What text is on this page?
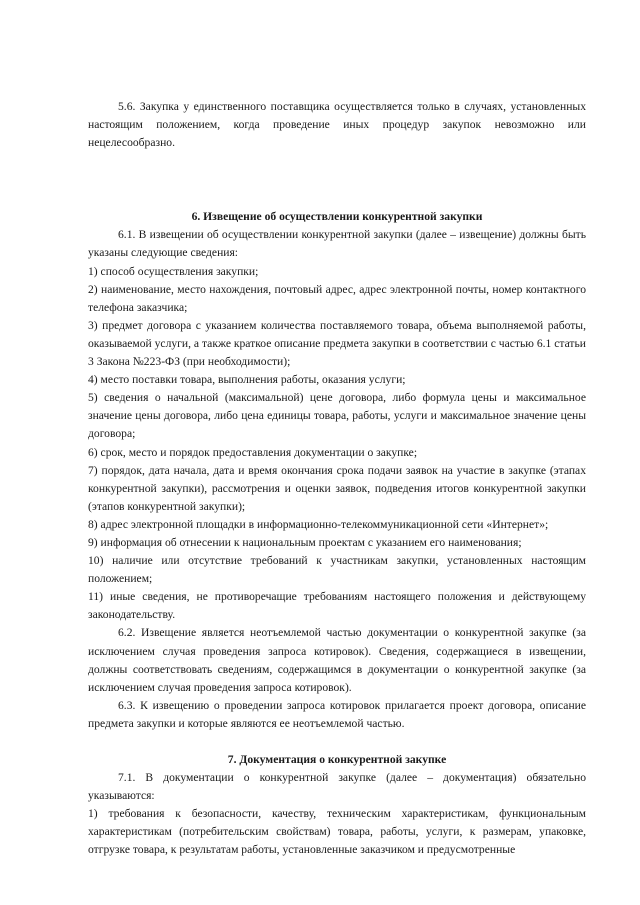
5.6. Закупка у единственного поставщика осуществляется только в случаях, установленных настоящим положением, когда проведение иных процедур закупок невозможно или нецелесообразно.

6. Извещение об осуществлении конкурентной закупки

6.1. В извещении об осуществлении конкурентной закупки (далее – извещение) должны быть указаны следующие сведения:

1) способ осуществления закупки;

2) наименование, место нахождения, почтовый адрес, адрес электронной почты, номер контактного телефона заказчика;

3) предмет договора с указанием количества поставляемого товара, объема выполняемой работы, оказываемой услуги, а также краткое описание предмета закупки в соответствии с частью 6.1 статьи 3 Закона №223-ФЗ (при необходимости);

4) место поставки товара, выполнения работы, оказания услуги;

5) сведения о начальной (максимальной) цене договора, либо формула цены и максимальное значение цены договора, либо цена единицы товара, работы, услуги и максимальное значение цены договора;

6) срок, место и порядок предоставления документации о закупке;

7) порядок, дата начала, дата и время окончания срока подачи заявок на участие в закупке (этапах конкурентной закупки), рассмотрения и оценки заявок, подведения итогов конкурентной закупки (этапов конкурентной закупки);

8) адрес электронной площадки в информационно-телекоммуникационной сети «Интернет»;

9) информация об отнесении к национальным проектам с указанием его наименования;

10) наличие или отсутствие требований к участникам закупки, установленных настоящим положением;

11) иные сведения, не противоречащие требованиям настоящего положения и действующему законодательству.

6.2. Извещение является неотъемлемой частью документации о конкурентной закупке (за исключением случая проведения запроса котировок). Сведения, содержащиеся в извещении, должны соответствовать сведениям, содержащимся в документации о конкурентной закупке (за исключением случая проведения запроса котировок).

6.3. К извещению о проведении запроса котировок прилагается проект договора, описание предмета закупки и которые являются ее неотъемлемой частью.

7. Документация о конкурентной закупке

7.1. В документации о конкурентной закупке (далее – документация) обязательно указываются:

1) требования к безопасности, качеству, техническим характеристикам, функциональным характеристикам (потребительским свойствам) товара, работы, услуги, к размерам, упаковке, отгрузке товара, к результатам работы, установленные заказчиком и предусмотренные
